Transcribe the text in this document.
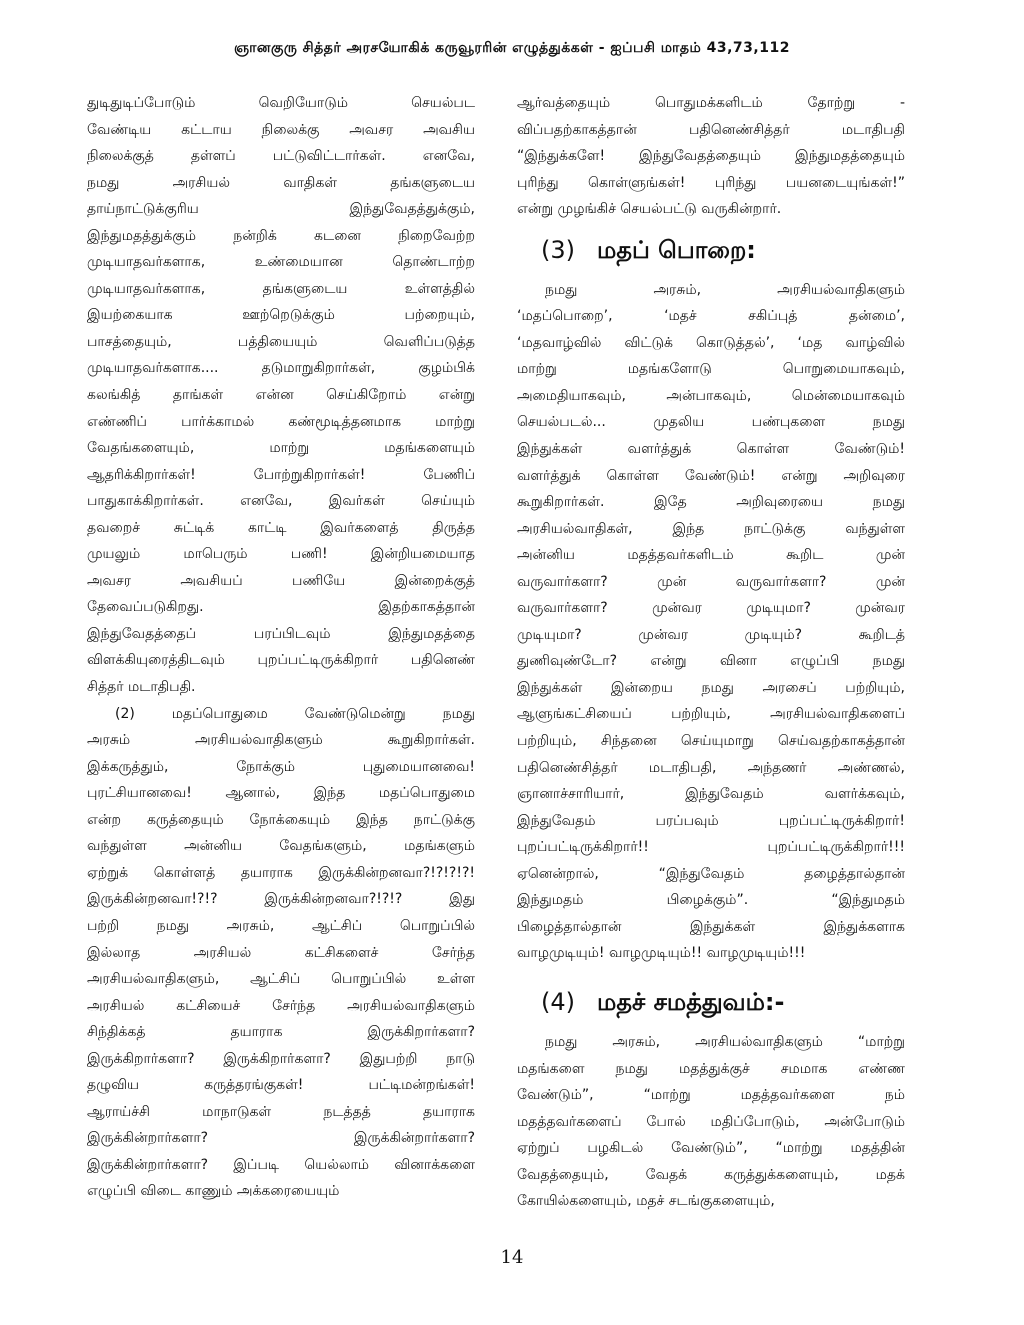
ஞானகுரு சித்தர் அரசயோகிக் கருவூரரின் எழுத்துக்கள் - ஐப்பசி மாதம் 43,73,112
துடிதுடிப்போடும் வெறியோடும் செயல்பட
வேண்டிய கட்டாய நிலைக்கு அவசர அவசிய
நிலைக்குத் தள்ளப் பட்டுவிட்டார்கள். எனவே,
நமது அரசியல் வாதிகள் தங்களுடைய
தாய்நாட்டுக்குரிய இந்துவேதத்துக்கும்,
இந்துமதத்துக்கும் நன்றிக் கடனை நிறைவேற்ற
முடியாதவர்களாக, உண்மையான தொண்டாற்ற
முடியாதவர்களாக, தங்களுடைய உள்ளத்தில்
இயற்கையாக ஊற்றெடுக்கும் பற்றையும்,
பாசத்தையும், பத்தியையும் வெளிப்படுத்த
முடியாதவர்களாக.... தடுமாறுகிறார்கள், குழம்பிக்
கலங்கித் தாங்கள் என்ன செய்கிறோம் என்று
எண்ணிப் பார்க்காமல் கண்மூடித்தனமாக மாற்று
வேதங்களையும், மாற்று மதங்களையும்
ஆதரிக்கிறார்கள்! போற்றுகிறார்கள்! பேணிப்
பாதுகாக்கிறார்கள். எனவே, இவர்கள் செய்யும்
தவறைச் சுட்டிக் காட்டி இவர்களைத் திருத்த
முயலும் மாபெரும் பணி! இன்றியமையாத
அவசர அவசியப் பணியே இன்றைக்குத்
தேவைப்படுகிறது. இதற்காகத்தான்
இந்துவேதத்தைப் பரப்பிடவும் இந்துமதத்தை
விளக்கியுரைத்திடவும் புறப்பட்டிருக்கிறார் பதினெண்
சித்தர் மடாதிபதி.
(2) மதப்பொதுமை வேண்டுமென்று நமது
அரசும் அரசியல்வாதிகளும் கூறுகிறார்கள்.
இக்கருத்தும், நோக்கும் புதுமையானவை!
புரட்சியானவை! ஆனால், இந்த மதப்பொதுமை
என்ற கருத்தையும் நோக்கையும் இந்த நாட்டுக்கு
வந்துள்ள அன்னிய வேதங்களும், மதங்களும்
ஏற்றுக் கொள்ளத் தயாராக இருக்கின்றனவா?!?!?!?!
இருக்கின்றனவா!?!? இருக்கின்றனவா?!?!? இது
பற்றி நமது அரசும், ஆட்சிப் பொறுப்பில்
இல்லாத அரசியல் கட்சிகளைச் சேர்ந்த
அரசியல்வாதிகளும், ஆட்சிப் பொறுப்பில் உள்ள
அரசியல் கட்சியைச் சேர்ந்த அரசியல்வாதிகளும்
சிந்திக்கத் தயாராக இருக்கிறார்களா?
இருக்கிறார்களா? இருக்கிறார்களா? இதுபற்றி நாடு
தழுவிய கருத்தரங்குகள்! பட்டிமன்றங்கள்!
ஆராய்ச்சி மாநாடுகள் நடத்தத் தயாராக
இருக்கின்றார்களா? இருக்கின்றார்களா?
இருக்கின்றார்களா? இப்படி யெல்லாம் வினாக்களை
எழுப்பி விடை காணும் அக்கரையையும்
ஆர்வத்தையும் பொதுமக்களிடம் தோற்று -
விப்பதற்காகத்தான் பதினெண்சித்தர் மடாதிபதி
“இந்துக்களே! இந்துவேதத்தையும் இந்துமதத்தையும்
புரிந்து கொள்ளுங்கள்! புரிந்து பயனடையுங்கள்!”
என்று முழங்கிச் செயல்பட்டு வருகின்றார்.
(3) மதப் பொறை:
நமது அரசும், அரசியல்வாதிகளும்
‘மதப்பொறை’, ‘மதச் சகிப்புத் தன்மை’,
‘மதவாழ்வில் விட்டுக் கொடுத்தல்’, ‘மத வாழ்வில்
மாற்று மதங்களோடு பொறுமையாகவும்,
அமைதியாகவும், அன்பாகவும், மென்மையாகவும்
செயல்படல்... முதலிய பண்புகளை நமது
இந்துக்கள் வளர்த்துக் கொள்ள வேண்டும்!
வளர்த்துக் கொள்ள வேண்டும்! என்று அறிவுரை
கூறுகிறார்கள். இதே அறிவுரையை நமது
அரசியல்வாதிகள், இந்த நாட்டுக்கு வந்துள்ள
அன்னிய மதத்தவர்களிடம் கூறிட முன்
வருவார்களா? முன் வருவார்களா? முன்
வருவார்களா? முன்வர முடியுமா? முன்வர
முடியுமா? முன்வர முடியும்? கூறிடத்
துணிவுண்டோ? என்று வினா எழுப்பி நமது
இந்துக்கள் இன்றைய நமது அரசைப் பற்றியும்,
ஆளுங்கட்சியைப் பற்றியும், அரசியல்வாதிகளைப்
பற்றியும், சிந்தனை செய்யுமாறு செய்வதற்காகத்தான்
பதினெண்சித்தர் மடாதிபதி, அந்தணர் அண்ணல்,
ஞானாச்சாரியார், இந்துவேதம் வளர்க்கவும்,
இந்துவேதம் பரப்பவும் புறப்பட்டிருக்கிறார்!
புறப்பட்டிருக்கிறார்!! புறப்பட்டிருக்கிறார்!!!
ஏனென்றால், “இந்துவேதம் தழைத்தால்தான்
இந்துமதம் பிழைக்கும்”. “இந்துமதம்
பிழைத்தால்தான் இந்துக்கள் இந்துக்களாக
வாழமுடியும்! வாழமுடியும்!! வாழமுடியும்!!!
(4) மதச் சமத்துவம்:-
நமது அரசும், அரசியல்வாதிகளும் “மாற்று
மதங்களை நமது மதத்துக்குச் சமமாக எண்ண
வேண்டும்”, “மாற்று மதத்தவர்களை நம்
மதத்தவர்களைப் போல் மதிப்போடும், அன்போடும்
ஏற்றுப் பழகிடல் வேண்டும்”, “மாற்று மதத்தின்
வேதத்தையும், வேதக் கருத்துக்களையும், மதக்
கோயில்களையும், மதச் சடங்குகளையும்,
14
